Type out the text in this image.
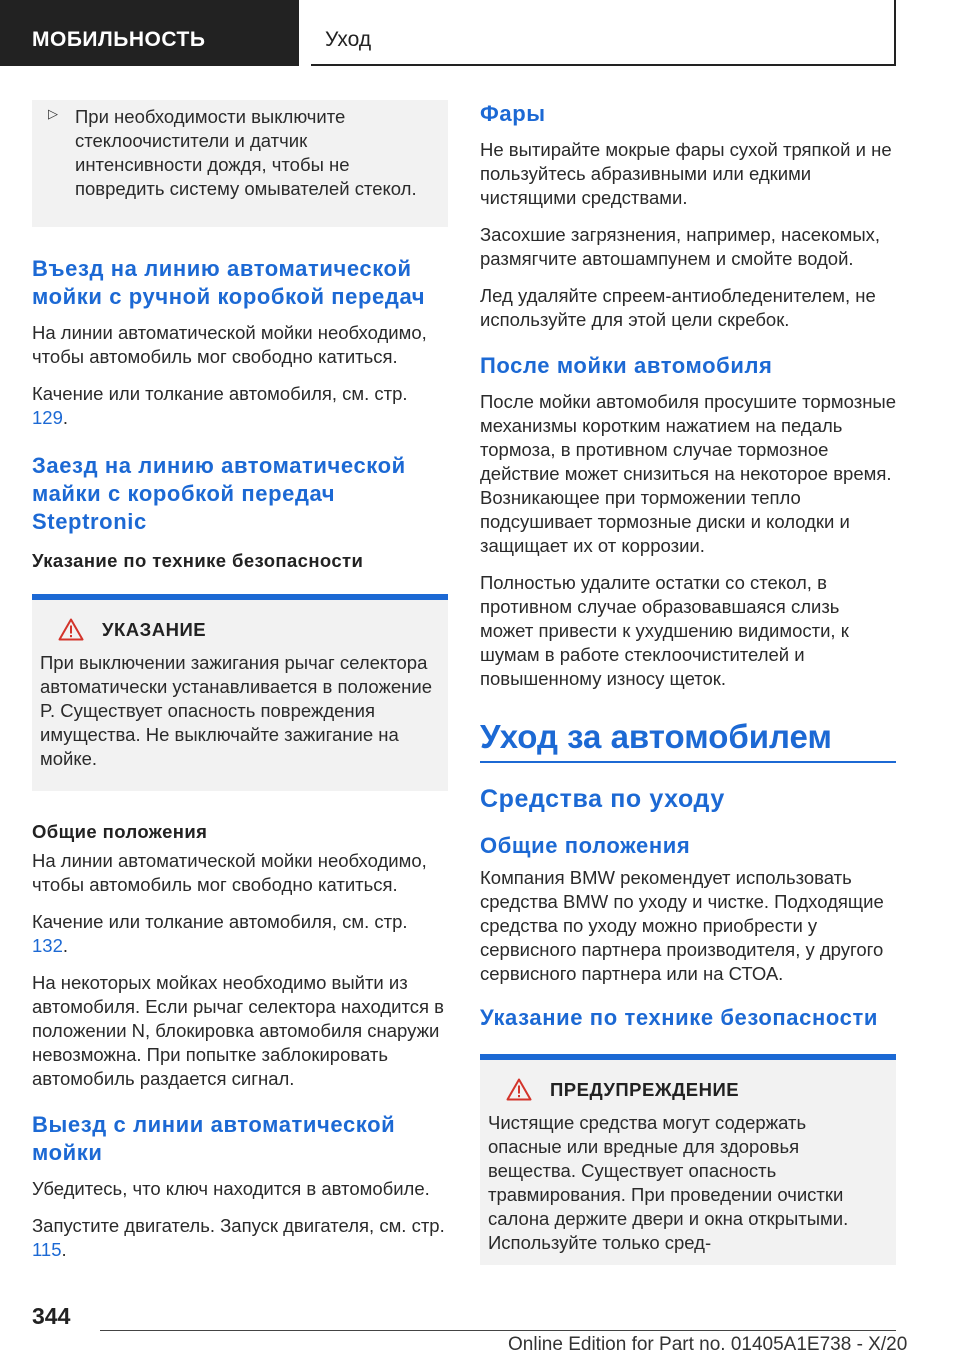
МОБИЛЬНОСТЬ	Уход
▷ При необходимости выключите стеклоочистители и датчик интенсивности дождя, чтобы не повредить систему омывателей стекол.

Въезд на линию автоматической мойки с ручной коробкой передач

На линии автоматической мойки необходимо, чтобы автомобиль мог свободно катиться.

Качение или толкание автомобиля, см. стр. 129.

Заезд на линию автоматической майки с коробкой передач Steptronic
Указание по технике безопасности
УКАЗАНИЕ

При выключении зажигания рычаг селектора автоматически устанавливается в положение P. Существует опасность повреждения имущества. Не выключайте зажигание на мойке.

Общие положения

На линии автоматической мойки необходимо, чтобы автомобиль мог свободно катиться.

Качение или толкание автомобиля, см. стр. 132.

На некоторых мойках необходимо выйти из автомобиля. Если рычаг селектора находится в положении N, блокировка автомобиля снаружи невозможна. При попытке заблокировать автомобиль раздается сигнал.

Выезд с линии автоматической мойки

Убедитесь, что ключ находится в автомобиле.

Запустите двигатель. Запуск двигателя, см. стр. 115.

Фары

Не вытирайте мокрые фары сухой тряпкой и не пользуйтесь абразивными или едкими чистящими средствами.

Засохшие загрязнения, например, насекомых, размягчите автошампунем и смойте водой.

Лед удаляйте спреем-антиобледенителем, не используйте для этой цели скребок.

После мойки автомобиля

После мойки автомобиля просушите тормозные механизмы коротким нажатием на педаль тормоза, в противном случае тормозное действие может снизиться на некоторое время. Возникающее при торможении тепло подсушивает тормозные диски и колодки и защищает их от коррозии.

Полностью удалите остатки со стекол, в противном случае образовавшаяся слизь может привести к ухудшению видимости, к шумам в работе стеклоочистителей и повышенному износу щеток.

Уход за автомобилем
Средства по уходу
Общие положения

Компания BMW рекомендует использовать средства BMW по уходу и чистке. Подходящие средства по уходу можно приобрести у сервисного партнера производителя, у другого сервисного партнера или на СТОА.

Указание по технике безопасности
ПРЕДУПРЕЖДЕНИЕ

Чистящие средства могут содержать опасные или вредные для здоровья вещества. Существует опасность травмирования. При проведении очистки салона держите двери и окна открытыми. Используйте только сред-

344
Online Edition for Part no. 01405A1E738 - X/20
